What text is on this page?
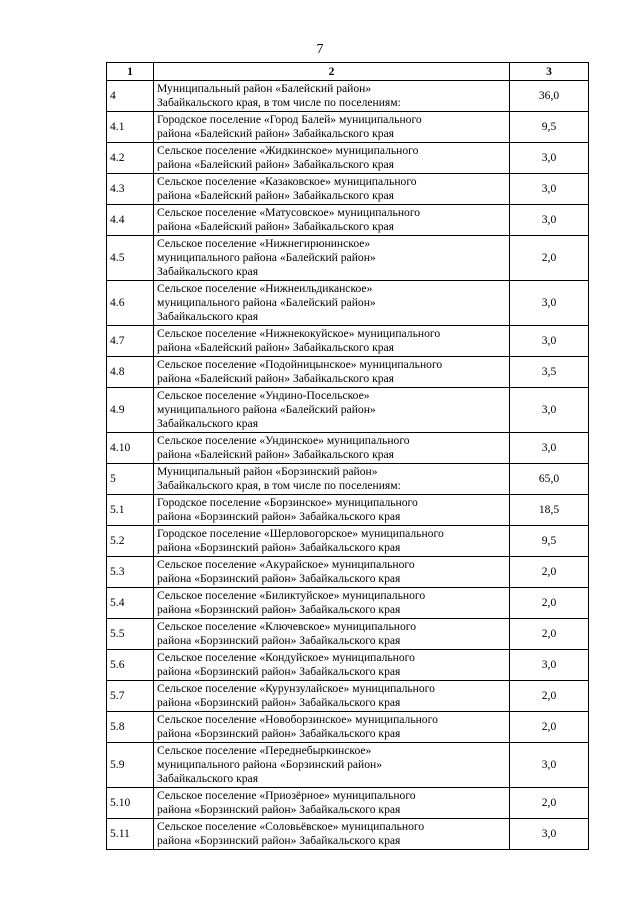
7
1	2	3
4	Муниципальный район «Балейский район»
Забайкальского края, в том числе по поселениям:	36,0
4.1	Городское поселение «Город Балей» муниципального
района «Балейский район» Забайкальского края	9,5
4.2	Сельское поселение «Жидкинское» муниципального
района «Балейский район» Забайкальского края	3,0
4.3	Сельское поселение «Казаковское» муниципального
района «Балейский район» Забайкальского края	3,0
4.4	Сельское поселение «Матусовское» муниципального
района «Балейский район» Забайкальского края	3,0
4.5	Сельское поселение «Нижнегирюнинское»
муниципального района «Балейский район»
Забайкальского края	2,0
4.6	Сельское поселение «Нижнеильдиканское»
муниципального района «Балейский район»
Забайкальского края	3,0
4.7	Сельское поселение «Нижнекокуйское» муниципального
района «Балейский район» Забайкальского края	3,0
4.8	Сельское поселение «Подойницынское» муниципального
района «Балейский район» Забайкальского края	3,5
4.9	Сельское поселение «Ундино-Посельское»
муниципального района «Балейский район»
Забайкальского края	3,0
4.10	Сельское поселение «Ундинское» муниципального
района «Балейский район» Забайкальского края	3,0
5	Муниципальный район «Борзинский район»
Забайкальского края, в том числе по поселениям:	65,0
5.1	Городское поселение «Борзинское» муниципального
района «Борзинский район» Забайкальского края	18,5
5.2	Городское поселение «Шерловогорское» муниципального
района «Борзинский район» Забайкальского края	9,5
5.3	Сельское поселение «Акурайское» муниципального
района «Борзинский район» Забайкальского края	2,0
5.4	Сельское поселение «Биликтуйское» муниципального
района «Борзинский район» Забайкальского края	2,0
5.5	Сельское поселение «Ключевское» муниципального
района «Борзинский район» Забайкальского края	2,0
5.6	Сельское поселение «Кондуйское» муниципального
района «Борзинский район» Забайкальского края	3,0
5.7	Сельское поселение «Курунзулайское» муниципального
района «Борзинский район» Забайкальского края	2,0
5.8	Сельское поселение «Новоборзинское» муниципального
района «Борзинский район» Забайкальского края	2,0
5.9	Сельское поселение «Переднебыркинское»
муниципального района «Борзинский район»
Забайкальского края	3,0
5.10	Сельское поселение «Приозёрное» муниципального
района «Борзинский район» Забайкальского края	2,0
5.11	Сельское поселение «Соловьёвское» муниципального
района «Борзинский район» Забайкальского края	3,0
